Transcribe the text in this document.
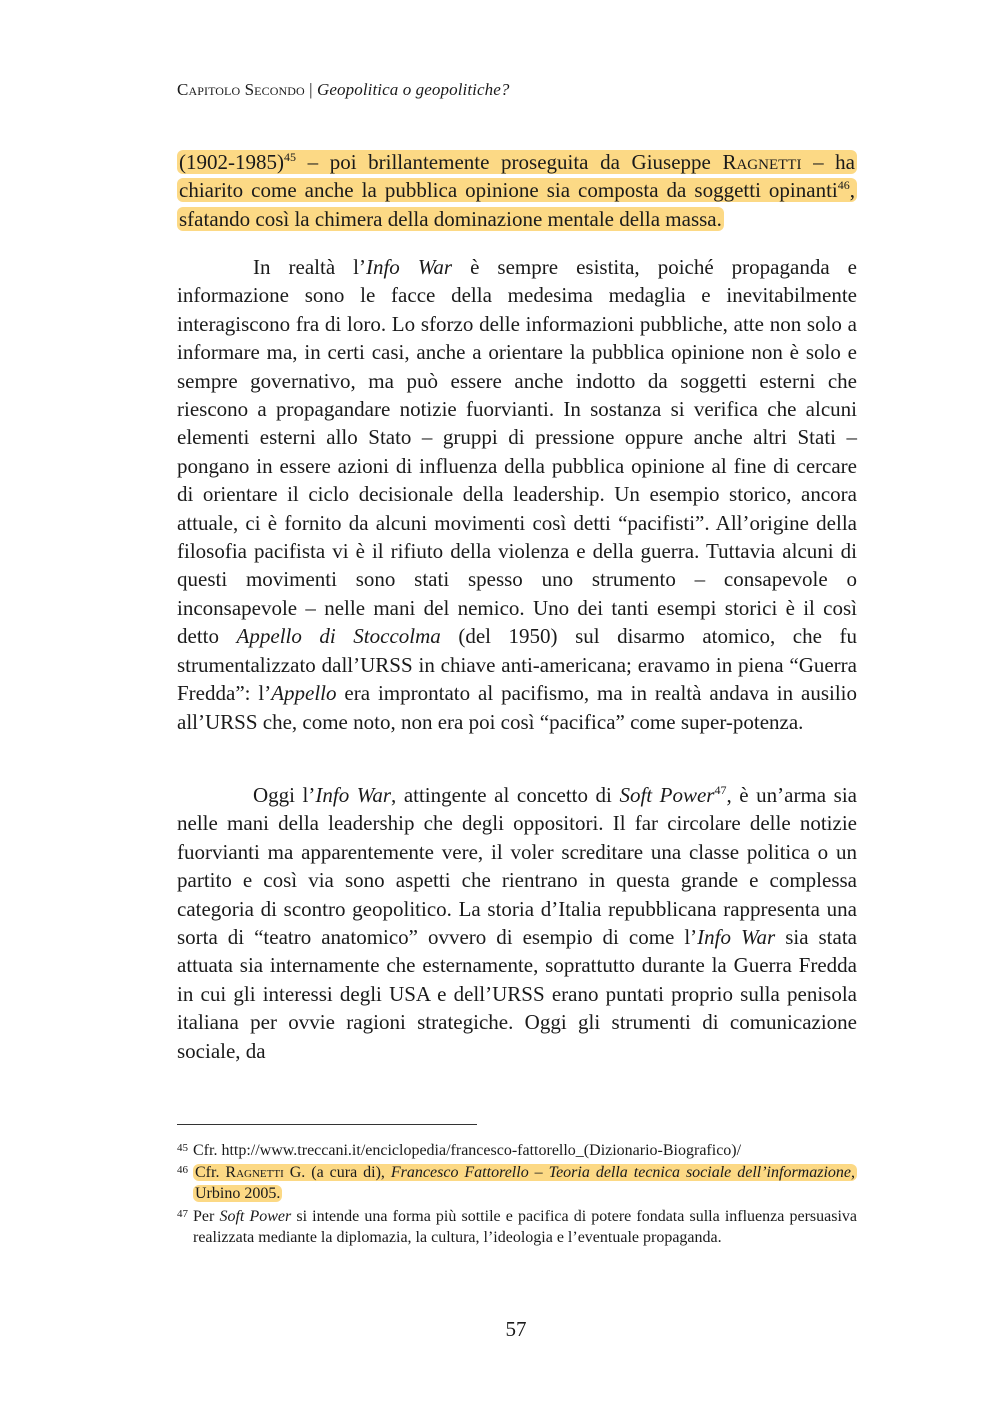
Capitolo Secondo | Geopolitica o geopolitiche?
(1902-1985)$^{45}$ – poi brillantemente proseguita da Giuseppe Ragnetti – ha chiarito come anche la pubblica opinione sia composta da soggetti opinanti$^{46}$, sfatando così la chimera della dominazione mentale della massa.
In realtà l’Info War è sempre esistita, poiché propaganda e informazione sono le facce della medesima medaglia e inevitabilmente interagiscono fra di loro. Lo sforzo delle informazioni pubbliche, atte non solo a informare ma, in certi casi, anche a orientare la pubblica opinione non è solo e sempre governativo, ma può essere anche indotto da soggetti esterni che riescono a propagandare notizie fuorvianti. In sostanza si verifica che alcuni elementi esterni allo Stato – gruppi di pressione oppure anche altri Stati – pongano in essere azioni di influenza della pubblica opinione al fine di cercare di orientare il ciclo decisionale della leadership. Un esempio storico, ancora attuale, ci è fornito da alcuni movimenti così detti “pacifisti”. All’origine della filosofia pacifista vi è il rifiuto della violenza e della guerra. Tuttavia alcuni di questi movimenti sono stati spesso uno strumento – consapevole o inconsapevole – nelle mani del nemico. Uno dei tanti esempi storici è il così detto Appello di Stoccolma (del 1950) sul disarmo atomico, che fu strumentalizzato dall’URSS in chiave anti-americana; eravamo in piena “Guerra Fredda”: l’Appello era improntato al pacifismo, ma in realtà andava in ausilio all’URSS che, come noto, non era poi così “pacifica” come super-potenza.
Oggi l’Info War, attingente al concetto di Soft Power$^{47}$, è un’arma sia nelle mani della leadership che degli oppositori. Il far circolare delle notizie fuorvianti ma apparentemente vere, il voler screditare una classe politica o un partito e così via sono aspetti che rientrano in questa grande e complessa categoria di scontro geopolitico. La storia d’Italia repubblicana rappresenta una sorta di “teatro anatomico” ovvero di esempio di come l’Info War sia stata attuata sia internamente che esternamente, soprattutto durante la Guerra Fredda in cui gli interessi degli USA e dell’URSS erano puntati proprio sulla penisola italiana per ovvie ragioni strategiche. Oggi gli strumenti di comunicazione sociale, da
45 Cfr. http://www.treccani.it/enciclopedia/francesco-fattorello_(Dizionario-Biografico)/
46 Cfr. Ragnetti G. (a cura di), Francesco Fattorello – Teoria della tecnica sociale dell’informazione, Urbino 2005.
47 Per Soft Power si intende una forma più sottile e pacifica di potere fondata sulla influenza persuasiva realizzata mediante la diplomazia, la cultura, l’ideologia e l’eventuale propaganda.
57
